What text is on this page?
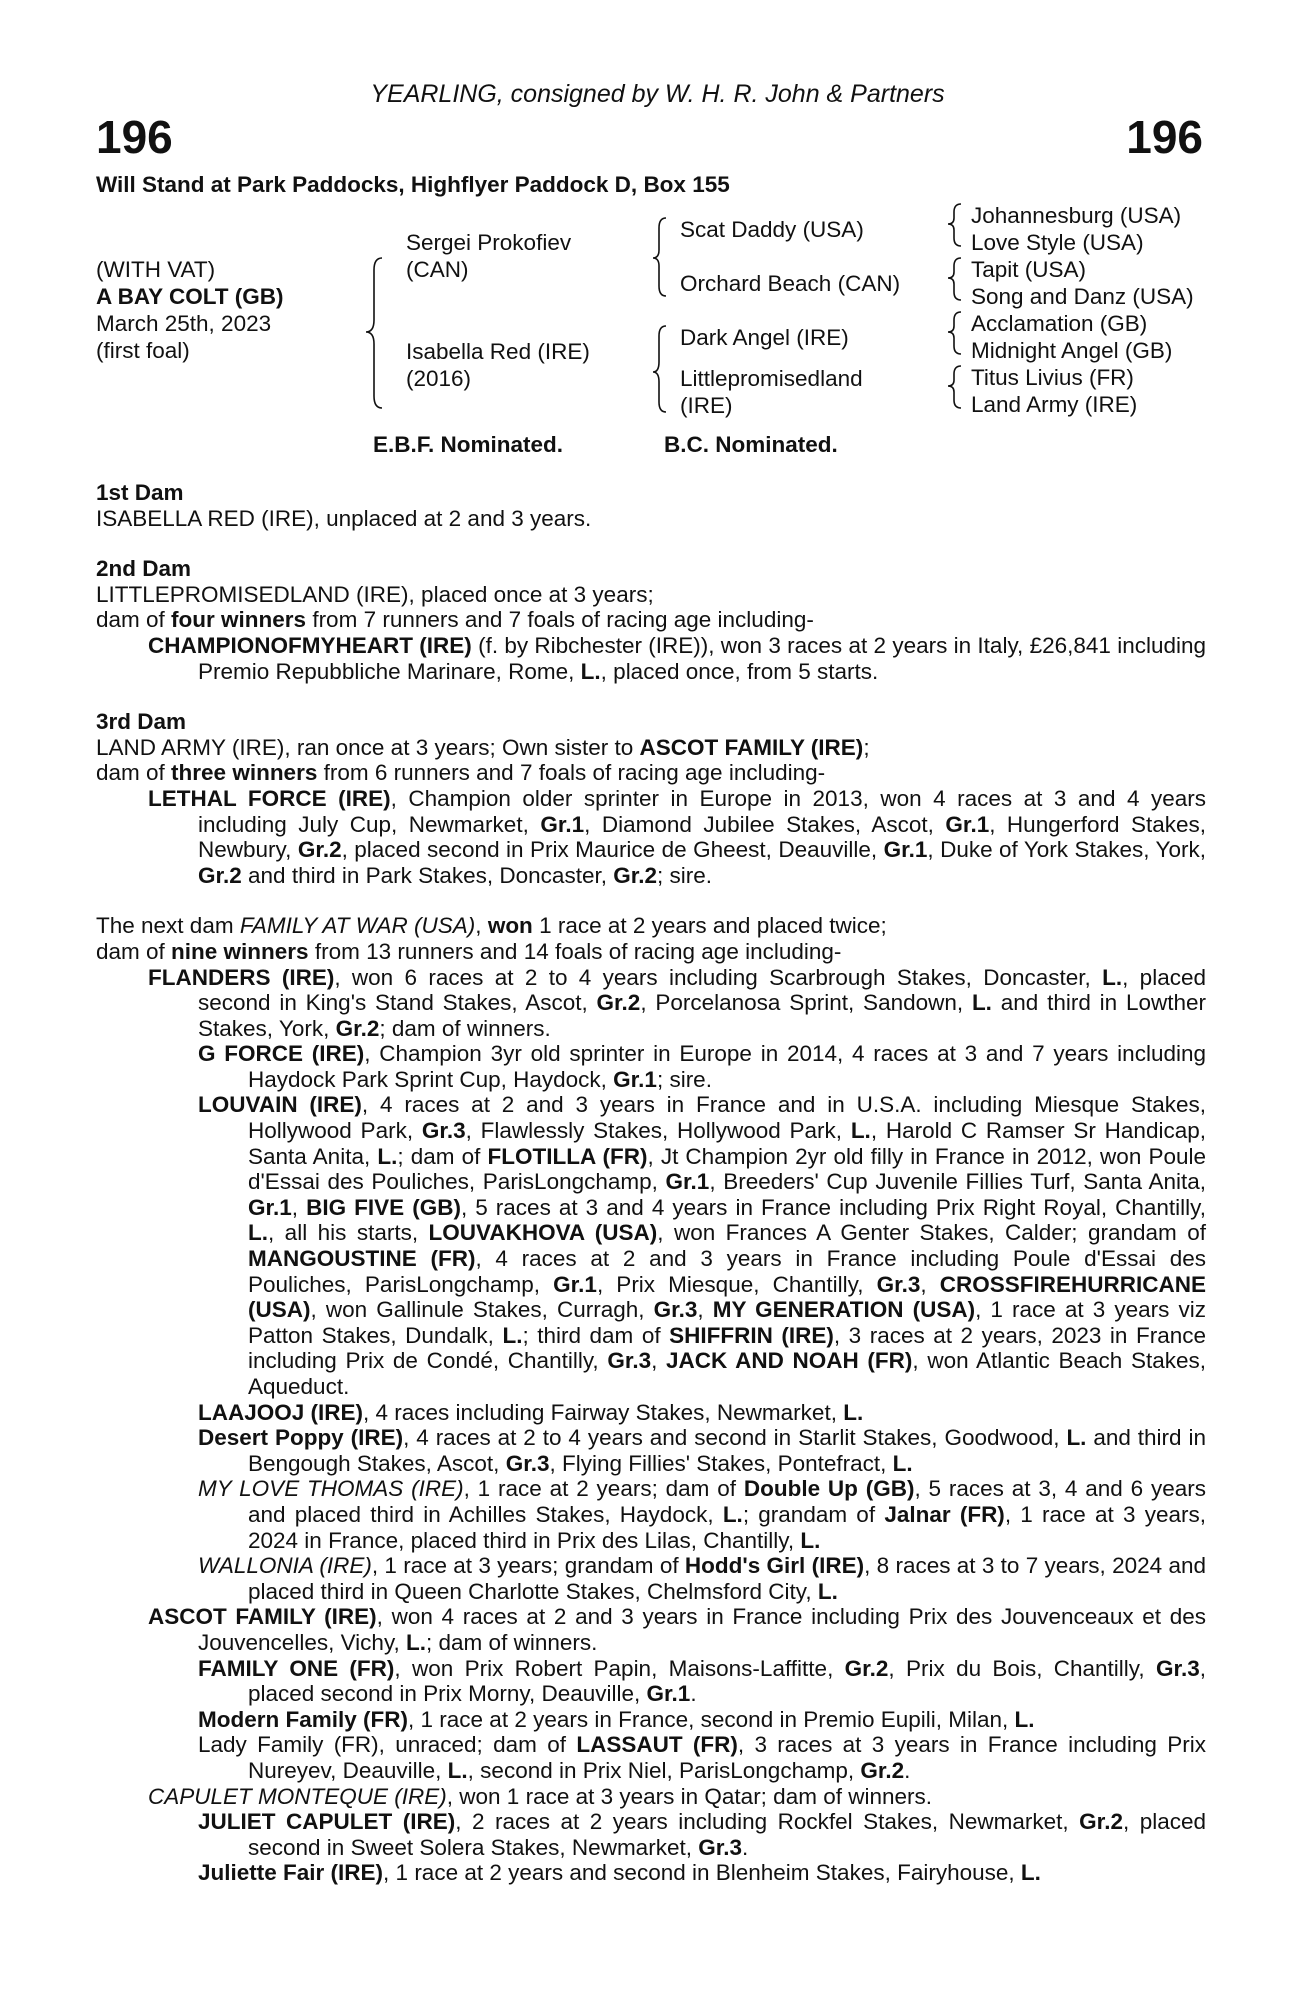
YEARLING, consigned by W. H. R. John & Partners
196	196
Will Stand at Park Paddocks, Highflyer Paddock D, Box 155
(WITH VAT)
A BAY COLT (GB)
March 25th, 2023
(first foal)
Sergei Prokofiev
(CAN)
Isabella Red (IRE)
(2016)
Scat Daddy (USA)
Orchard Beach (CAN)
Dark Angel (IRE)
Littlepromisedland
(IRE)
Johannesburg (USA)
Love Style (USA)
Tapit (USA)
Song and Danz (USA)
Acclamation (GB)
Midnight Angel (GB)
Titus Livius (FR)
Land Army (IRE)
E.B.F. Nominated.	B.C. Nominated.

1st Dam

ISABELLA RED (IRE), unplaced at 2 and 3 years.

2nd Dam

LITTLEPROMISEDLAND (IRE), placed once at 3 years;

dam of four winners from 7 runners and 7 foals of racing age including-

CHAMPIONOFMYHEART (IRE) (f. by Ribchester (IRE)), won 3 races at 2 years in Italy, £26,841 including Premio Repubbliche Marinare, Rome, L., placed once, from 5 starts.

3rd Dam

LAND ARMY (IRE), ran once at 3 years; Own sister to ASCOT FAMILY (IRE);

dam of three winners from 6 runners and 7 foals of racing age including-

LETHAL FORCE (IRE), Champion older sprinter in Europe in 2013, won 4 races at 3 and 4 years including July Cup, Newmarket, Gr.1, Diamond Jubilee Stakes, Ascot, Gr.1, Hungerford Stakes, Newbury, Gr.2, placed second in Prix Maurice de Gheest, Deauville, Gr.1, Duke of York Stakes, York, Gr.2 and third in Park Stakes, Doncaster, Gr.2; sire.

The next dam FAMILY AT WAR (USA), won 1 race at 2 years and placed twice;

dam of nine winners from 13 runners and 14 foals of racing age including-

FLANDERS (IRE), won 6 races at 2 to 4 years including Scarbrough Stakes, Doncaster, L., placed second in King's Stand Stakes, Ascot, Gr.2, Porcelanosa Sprint, Sandown, L. and third in Lowther Stakes, York, Gr.2; dam of winners.

G FORCE (IRE), Champion 3yr old sprinter in Europe in 2014, 4 races at 3 and 7 years including Haydock Park Sprint Cup, Haydock, Gr.1; sire.

LOUVAIN (IRE), 4 races at 2 and 3 years in France and in U.S.A. including Miesque Stakes, Hollywood Park, Gr.3, Flawlessly Stakes, Hollywood Park, L., Harold C Ramser Sr Handicap, Santa Anita, L.; dam of FLOTILLA (FR), Jt Champion 2yr old filly in France in 2012, won Poule d'Essai des Pouliches, ParisLongchamp, Gr.1, Breeders' Cup Juvenile Fillies Turf, Santa Anita, Gr.1, BIG FIVE (GB), 5 races at 3 and 4 years in France including Prix Right Royal, Chantilly, L., all his starts, LOUVAKHOVA (USA), won Frances A Genter Stakes, Calder; grandam of MANGOUSTINE (FR), 4 races at 2 and 3 years in France including Poule d'Essai des Pouliches, ParisLongchamp, Gr.1, Prix Miesque, Chantilly, Gr.3, CROSSFIREHURRICANE (USA), won Gallinule Stakes, Curragh, Gr.3, MY GENERATION (USA), 1 race at 3 years viz Patton Stakes, Dundalk, L.; third dam of SHIFFRIN (IRE), 3 races at 2 years, 2023 in France including Prix de Condé, Chantilly, Gr.3, JACK AND NOAH (FR), won Atlantic Beach Stakes, Aqueduct.

LAAJOOJ (IRE), 4 races including Fairway Stakes, Newmarket, L.

Desert Poppy (IRE), 4 races at 2 to 4 years and second in Starlit Stakes, Goodwood, L. and third in Bengough Stakes, Ascot, Gr.3, Flying Fillies' Stakes, Pontefract, L.

MY LOVE THOMAS (IRE), 1 race at 2 years; dam of Double Up (GB), 5 races at 3, 4 and 6 years and placed third in Achilles Stakes, Haydock, L.; grandam of Jalnar (FR), 1 race at 3 years, 2024 in France, placed third in Prix des Lilas, Chantilly, L.

WALLONIA (IRE), 1 race at 3 years; grandam of Hodd's Girl (IRE), 8 races at 3 to 7 years, 2024 and placed third in Queen Charlotte Stakes, Chelmsford City, L.

ASCOT FAMILY (IRE), won 4 races at 2 and 3 years in France including Prix des Jouvenceaux et des Jouvencelles, Vichy, L.; dam of winners.

FAMILY ONE (FR), won Prix Robert Papin, Maisons-Laffitte, Gr.2, Prix du Bois, Chantilly, Gr.3, placed second in Prix Morny, Deauville, Gr.1.

Modern Family (FR), 1 race at 2 years in France, second in Premio Eupili, Milan, L.

Lady Family (FR), unraced; dam of LASSAUT (FR), 3 races at 3 years in France including Prix Nureyev, Deauville, L., second in Prix Niel, ParisLongchamp, Gr.2.

CAPULET MONTEQUE (IRE), won 1 race at 3 years in Qatar; dam of winners.

JULIET CAPULET (IRE), 2 races at 2 years including Rockfel Stakes, Newmarket, Gr.2, placed second in Sweet Solera Stakes, Newmarket, Gr.3.

Juliette Fair (IRE), 1 race at 2 years and second in Blenheim Stakes, Fairyhouse, L.
